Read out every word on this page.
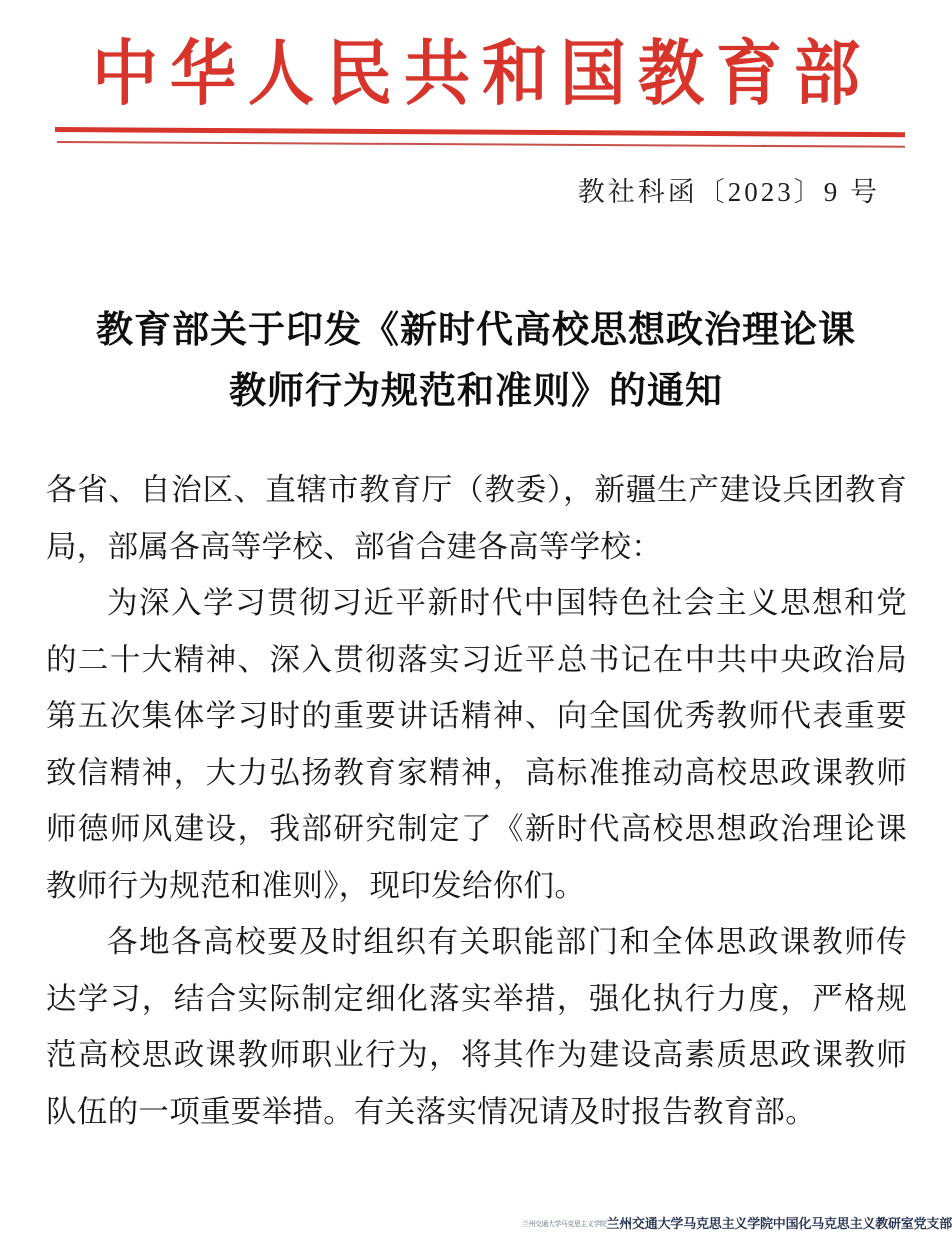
中华人民共和国教育部
教社科函〔2023〕9 号
教育部关于印发《新时代高校思想政治理论课
教师行为规范和准则》的通知

各省、自治区、直辖市教育厅（教委），新疆生产建设兵团教育局，部属各高等学校、部省合建各高等学校：

为深入学习贯彻习近平新时代中国特色社会主义思想和党的二十大精神、深入贯彻落实习近平总书记在中共中央政治局第五次集体学习时的重要讲话精神、向全国优秀教师代表重要致信精神，大力弘扬教育家精神，高标准推动高校思政课教师师德师风建设，我部研究制定了《新时代高校思想政治理论课教师行为规范和准则》，现印发给你们。

各地各高校要及时组织有关职能部门和全体思政课教师传达学习，结合实际制定细化落实举措，强化执行力度，严格规范高校思政课教师职业行为，将其作为建设高素质思政课教师队伍的一项重要举措。有关落实情况请及时报告教育部。

兰州交通大学马克思主义学院兰州交通大学马克思主义学院中国化马克思主义教研室党支部
